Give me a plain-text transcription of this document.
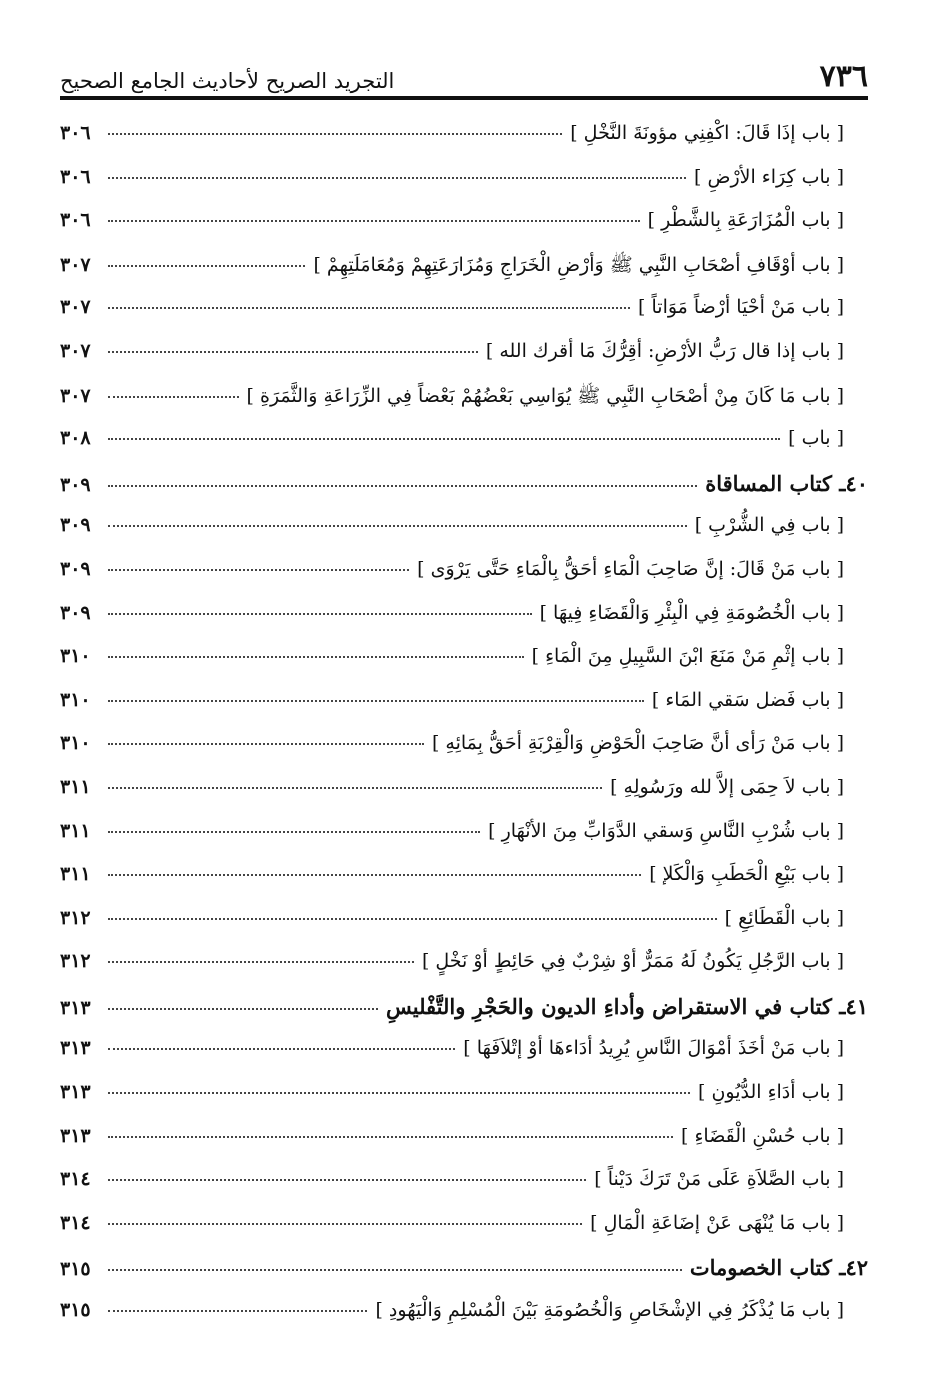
٧٣٦
التجريد الصريح لأحاديث الجامع الصحيح
[ باب إذَا قَالَ: اكْفِنِي مؤونَةَ النَّخْلِ ]
٣٠٦
[ باب كِرَاء الأرْضِ ]
٣٠٦
[ باب الْمُزَارَعَةِ بِالشَّطْرِ ]
٣٠٦
[ باب أوْقَافِ أصْحَابِ النَّبِي ﷺ وَأرْضِ الْخَرَاجِ وَمُزَارَعَتِهِمْ وَمُعَامَلَتِهِمْ ]
٣٠٧
[ باب مَنْ أحْيَا أرْضاً مَوَاتاً ]
٣٠٧
[ باب إذا قال رَبُّ الأرْضِ: أقِرُّكَ مَا أقرك الله ]
٣٠٧
[ باب مَا كَانَ مِنْ أصْحَابِ النَّبِي ﷺ يُوَاسِي بَعْضُهُمْ بَعْضاً فِي الزِّرَاعَةِ وَالثَّمَرَةِ ]
٣٠٧
[ باب ]
٣٠٨
٤٠ـ كتاب المساقاة
٣٠٩
[ باب فِي الشُّرْبِ ]
٣٠٩
[ باب مَنْ قَالَ: إنَّ صَاحِبَ الْمَاءِ أحَقُّ بِالْمَاءِ حَتَّى يَرْوَى ]
٣٠٩
[ باب الْخُصُومَةِ فِي الْبِئْرِ وَالْقَضَاءِ فِيهَا ]
٣٠٩
[ باب إثْمِ مَنْ مَنَعَ ابْنَ السَّبِيلِ مِنَ الْمَاءِ ]
٣١٠
[ باب فَضل سَقي المَاء ]
٣١٠
[ باب مَنْ رَأى أنَّ صَاحِبَ الْحَوْضِ وَالْقِرْبَةِ أحَقُّ بِمَائِهِ ]
٣١٠
[ باب لاَ حِمَى إلاَّ لله ورَسُولِهِ ]
٣١١
[ باب شُرْبِ النَّاسِ وَسقي الدَّوَابِّ مِنَ الأنْهَارِ ]
٣١١
[ باب بَيْعِ الْحَطَبِ وَالْكَلإ ]
٣١١
[ باب الْقَطَائِعِ ]
٣١٢
[ باب الرَّجُلِ يَكُونُ لَهُ مَمَرٌّ أوْ شِرْبٌ فِي حَائِطٍ أوْ نَخْلٍ ]
٣١٢
٤١ـ كتاب في الاستقراض وأداءِ الديون والحَجْرِ والتَّفْليسِ
٣١٣
[ باب مَنْ أخَذَ أمْوَالَ النَّاسِ يُرِيدُ أدَاءهَا أوْ إتْلاَفَهَا ]
٣١٣
[ باب أدَاءِ الدُّيُونِ ]
٣١٣
[ باب حُسْنِ الْقَضَاءِ ]
٣١٣
[ باب الصَّلاَةِ عَلَى مَنْ تَرَكَ دَيْناً ]
٣١٤
[ باب مَا يُنْهَى عَنْ إضَاعَةِ الْمَالِ ]
٣١٤
٤٢ـ كتاب الخصومات
٣١٥
[ باب مَا يُذْكَرُ فِي الإشْخَاصِ وَالْخُصُومَةِ بَيْنَ الْمُسْلِمِ وَالْيَهُودِ ]
٣١٥
